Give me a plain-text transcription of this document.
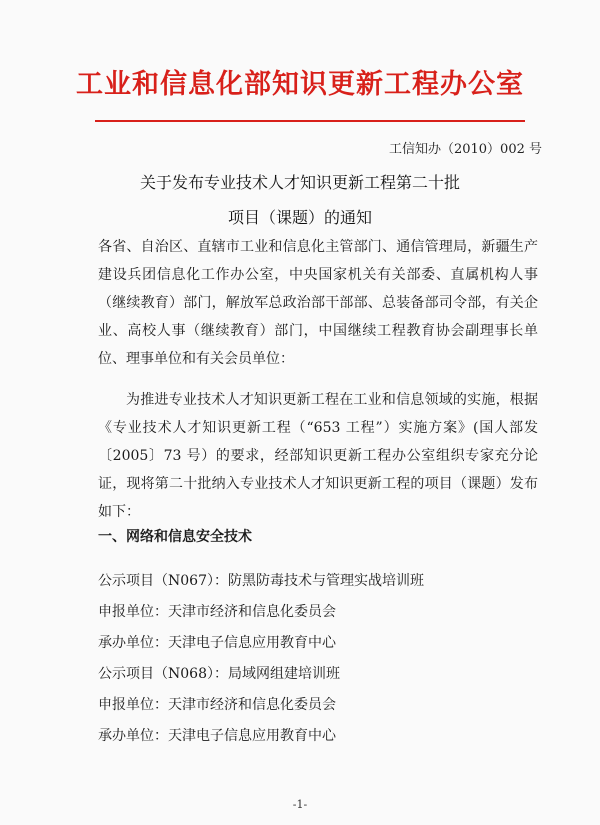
工业和信息化部知识更新工程办公室
工信知办（2010）002 号
关于发布专业技术人才知识更新工程第二十批
项目（课题）的通知

各省、自治区、直辖市工业和信息化主管部门、通信管理局，新疆生产建设兵团信息化工作办公室，中央国家机关有关部委、直属机构人事（继续教育）部门，解放军总政治部干部部、总装备部司令部，有关企业、高校人事（继续教育）部门，中国继续工程教育协会副理事长单位、理事单位和有关会员单位：

为推进专业技术人才知识更新工程在工业和信息领域的实施，根据《专业技术人才知识更新工程（“653 工程”）实施方案》(国人部发〔2005〕73 号）的要求，经部知识更新工程办公室组织专家充分论证，现将第二十批纳入专业技术人才知识更新工程的项目（课题）发布如下：

一、网络和信息安全技术
公示项目（N067）：防黑防毒技术与管理实战培训班
申报单位：天津市经济和信息化委员会
承办单位：天津电子信息应用教育中心
公示项目（N068）：局域网组建培训班
申报单位：天津市经济和信息化委员会
承办单位：天津电子信息应用教育中心
-1-
